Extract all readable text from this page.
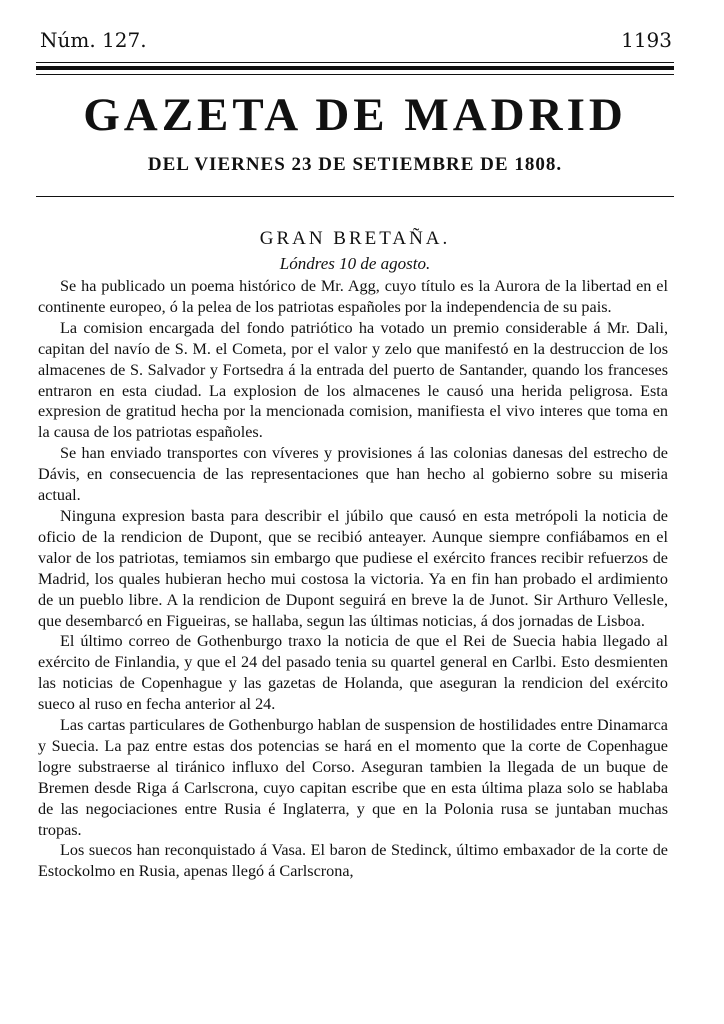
Núm. 127.	1193
GAZETA DE MADRID
DEL VIERNES 23 DE SETIEMBRE DE 1808.
GRAN BRETAÑA.
Lóndres 10 de agosto.

Se ha publicado un poema histórico de Mr. Agg, cuyo título es la Aurora de la libertad en el continente europeo, ó la pelea de los patriotas españoles por la independencia de su pais.

La comision encargada del fondo patriótico ha votado un premio considerable á Mr. Dali, capitan del navío de S. M. el Cometa, por el valor y zelo que manifestó en la destruccion de los almacenes de S. Salvador y Fortsedra á la entrada del puerto de Santander, quando los franceses entraron en esta ciudad. La explosion de los almacenes le causó una herida peligrosa. Esta expresion de gratitud hecha por la mencionada comision, manifiesta el vivo interes que toma en la causa de los patriotas españoles.

Se han enviado transportes con víveres y provisiones á las colonias danesas del estrecho de Dávis, en consecuencia de las representaciones que han hecho al gobierno sobre su miseria actual.

Ninguna expresion basta para describir el júbilo que causó en esta metrópoli la noticia de oficio de la rendicion de Dupont, que se recibió anteayer. Aunque siempre confiábamos en el valor de los patriotas, temiamos sin embargo que pudiese el exército frances recibir refuerzos de Madrid, los quales hubieran hecho mui costosa la victoria. Ya en fin han probado el ardimiento de un pueblo libre. A la rendicion de Dupont seguirá en breve la de Junot. Sir Arthuro Vellesle, que desembarcó en Figueiras, se hallaba, segun las últimas noticias, á dos jornadas de Lisboa.

El último correo de Gothenburgo traxo la noticia de que el Rei de Suecia habia llegado al exército de Finlandia, y que el 24 del pasado tenia su quartel general en Carlbi. Esto desmienten las noticias de Copenhague y las gazetas de Holanda, que aseguran la rendicion del exército sueco al ruso en fecha anterior al 24.

Las cartas particulares de Gothenburgo hablan de suspension de hostilidades entre Dinamarca y Suecia. La paz entre estas dos potencias se hará en el momento que la corte de Copenhague logre substraerse al tiránico influxo del Corso. Aseguran tambien la llegada de un buque de Bremen desde Riga á Carlscrona, cuyo capitan escribe que en esta última plaza solo se hablaba de las negociaciones entre Rusia é Inglaterra, y que en la Polonia rusa se juntaban muchas tropas.

Los suecos han reconquistado á Vasa. El baron de Stedinck, último embaxador de la corte de Estockolmo en Rusia, apenas llegó á Carlscrona,
